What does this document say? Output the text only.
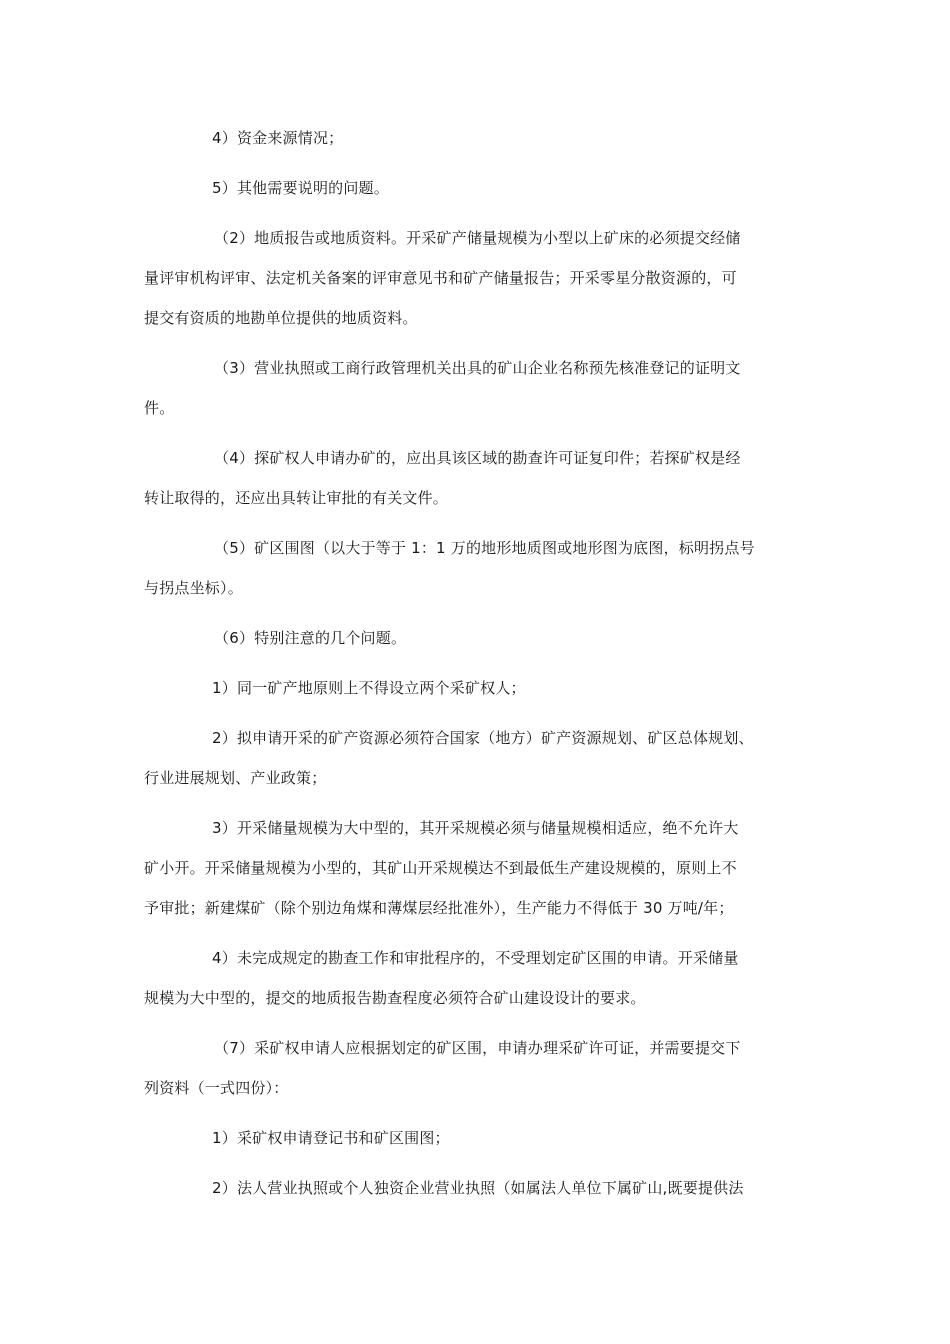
4）资金来源情况；
5）其他需要说明的问题。
（2）地质报告或地质资料。开采矿产储量规模为小型以上矿床的必须提交经储
量评审机构评审、法定机关备案的评审意见书和矿产储量报告；开采零星分散资源的，可
提交有资质的地勘单位提供的地质资料。
（3）营业执照或工商行政管理机关出具的矿山企业名称预先核准登记的证明文
件。
（4）探矿权人申请办矿的，应出具该区域的勘查许可证复印件；若探矿权是经
转让取得的，还应出具转让审批的有关文件。
（5）矿区围图（以大于等于 1：1 万的地形地质图或地形图为底图，标明拐点号
与拐点坐标）。
（6）特别注意的几个问题。
1）同一矿产地原则上不得设立两个采矿权人；
2）拟申请开采的矿产资源必须符合国家（地方）矿产资源规划、矿区总体规划、
行业进展规划、产业政策；
3）开采储量规模为大中型的，其开采规模必须与储量规模相适应，绝不允许大
矿小开。开采储量规模为小型的，其矿山开采规模达不到最低生产建设规模的，原则上不
予审批；新建煤矿（除个别边角煤和薄煤层经批准外），生产能力不得低于 30 万吨/年；
4）未完成规定的勘查工作和审批程序的，不受理划定矿区围的申请。开采储量
规模为大中型的，提交的地质报告勘查程度必须符合矿山建设设计的要求。
（7）采矿权申请人应根据划定的矿区围，申请办理采矿许可证，并需要提交下
列资料（一式四份）：
1）采矿权申请登记书和矿区围图；
2）法人营业执照或个人独资企业营业执照（如属法人单位下属矿山,既要提供法
